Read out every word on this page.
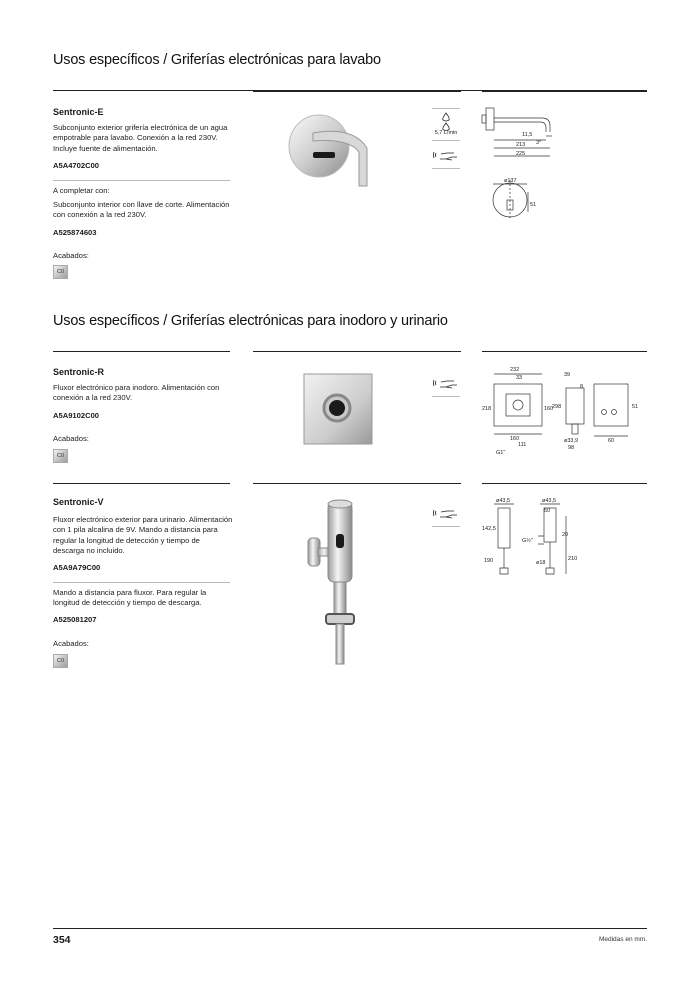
Usos específicos / Griferías electrónicas para lavabo
Sentronic-E
Subconjunto exterior grifería electrónica de un agua empotrable para lavabo. Conexión a la red 230V. Incluye fuente de alimentación.
A5A4702C00
A completar con:
Subconjunto interior con llave de corte. Alimentación con conexión a la red 230V.
A525874603
Acabados:
C0
5,7 L/min	11,5
3°
213
225
ø137
51
Usos específicos / Griferías electrónicas para inodoro y urinario
Sentronic-R
Fluxor electrónico para inodoro. Alimentación con conexión a la red 230V.
A5A9102C00
Acabados:
C0
232
33
218	160
160
111
G1"
39
8
298
ø33,9
98
51
60
Sentronic-V
Fluxor electrónico exterior para urinario. Alimentación con 1 pila alcalina de 9V. Mando a distancia para regular la longitud de detección y tiempo de descarga no incluido.
A5A9A79C00
Mando a distancia para fluxor. Para regular la longitud de detección y tiempo de descarga.
A525081207
Acabados:
C0
ø43,5
142,5
190
ø43,5
50
G½"
20
ø18
210
354	Medidas en mm.
